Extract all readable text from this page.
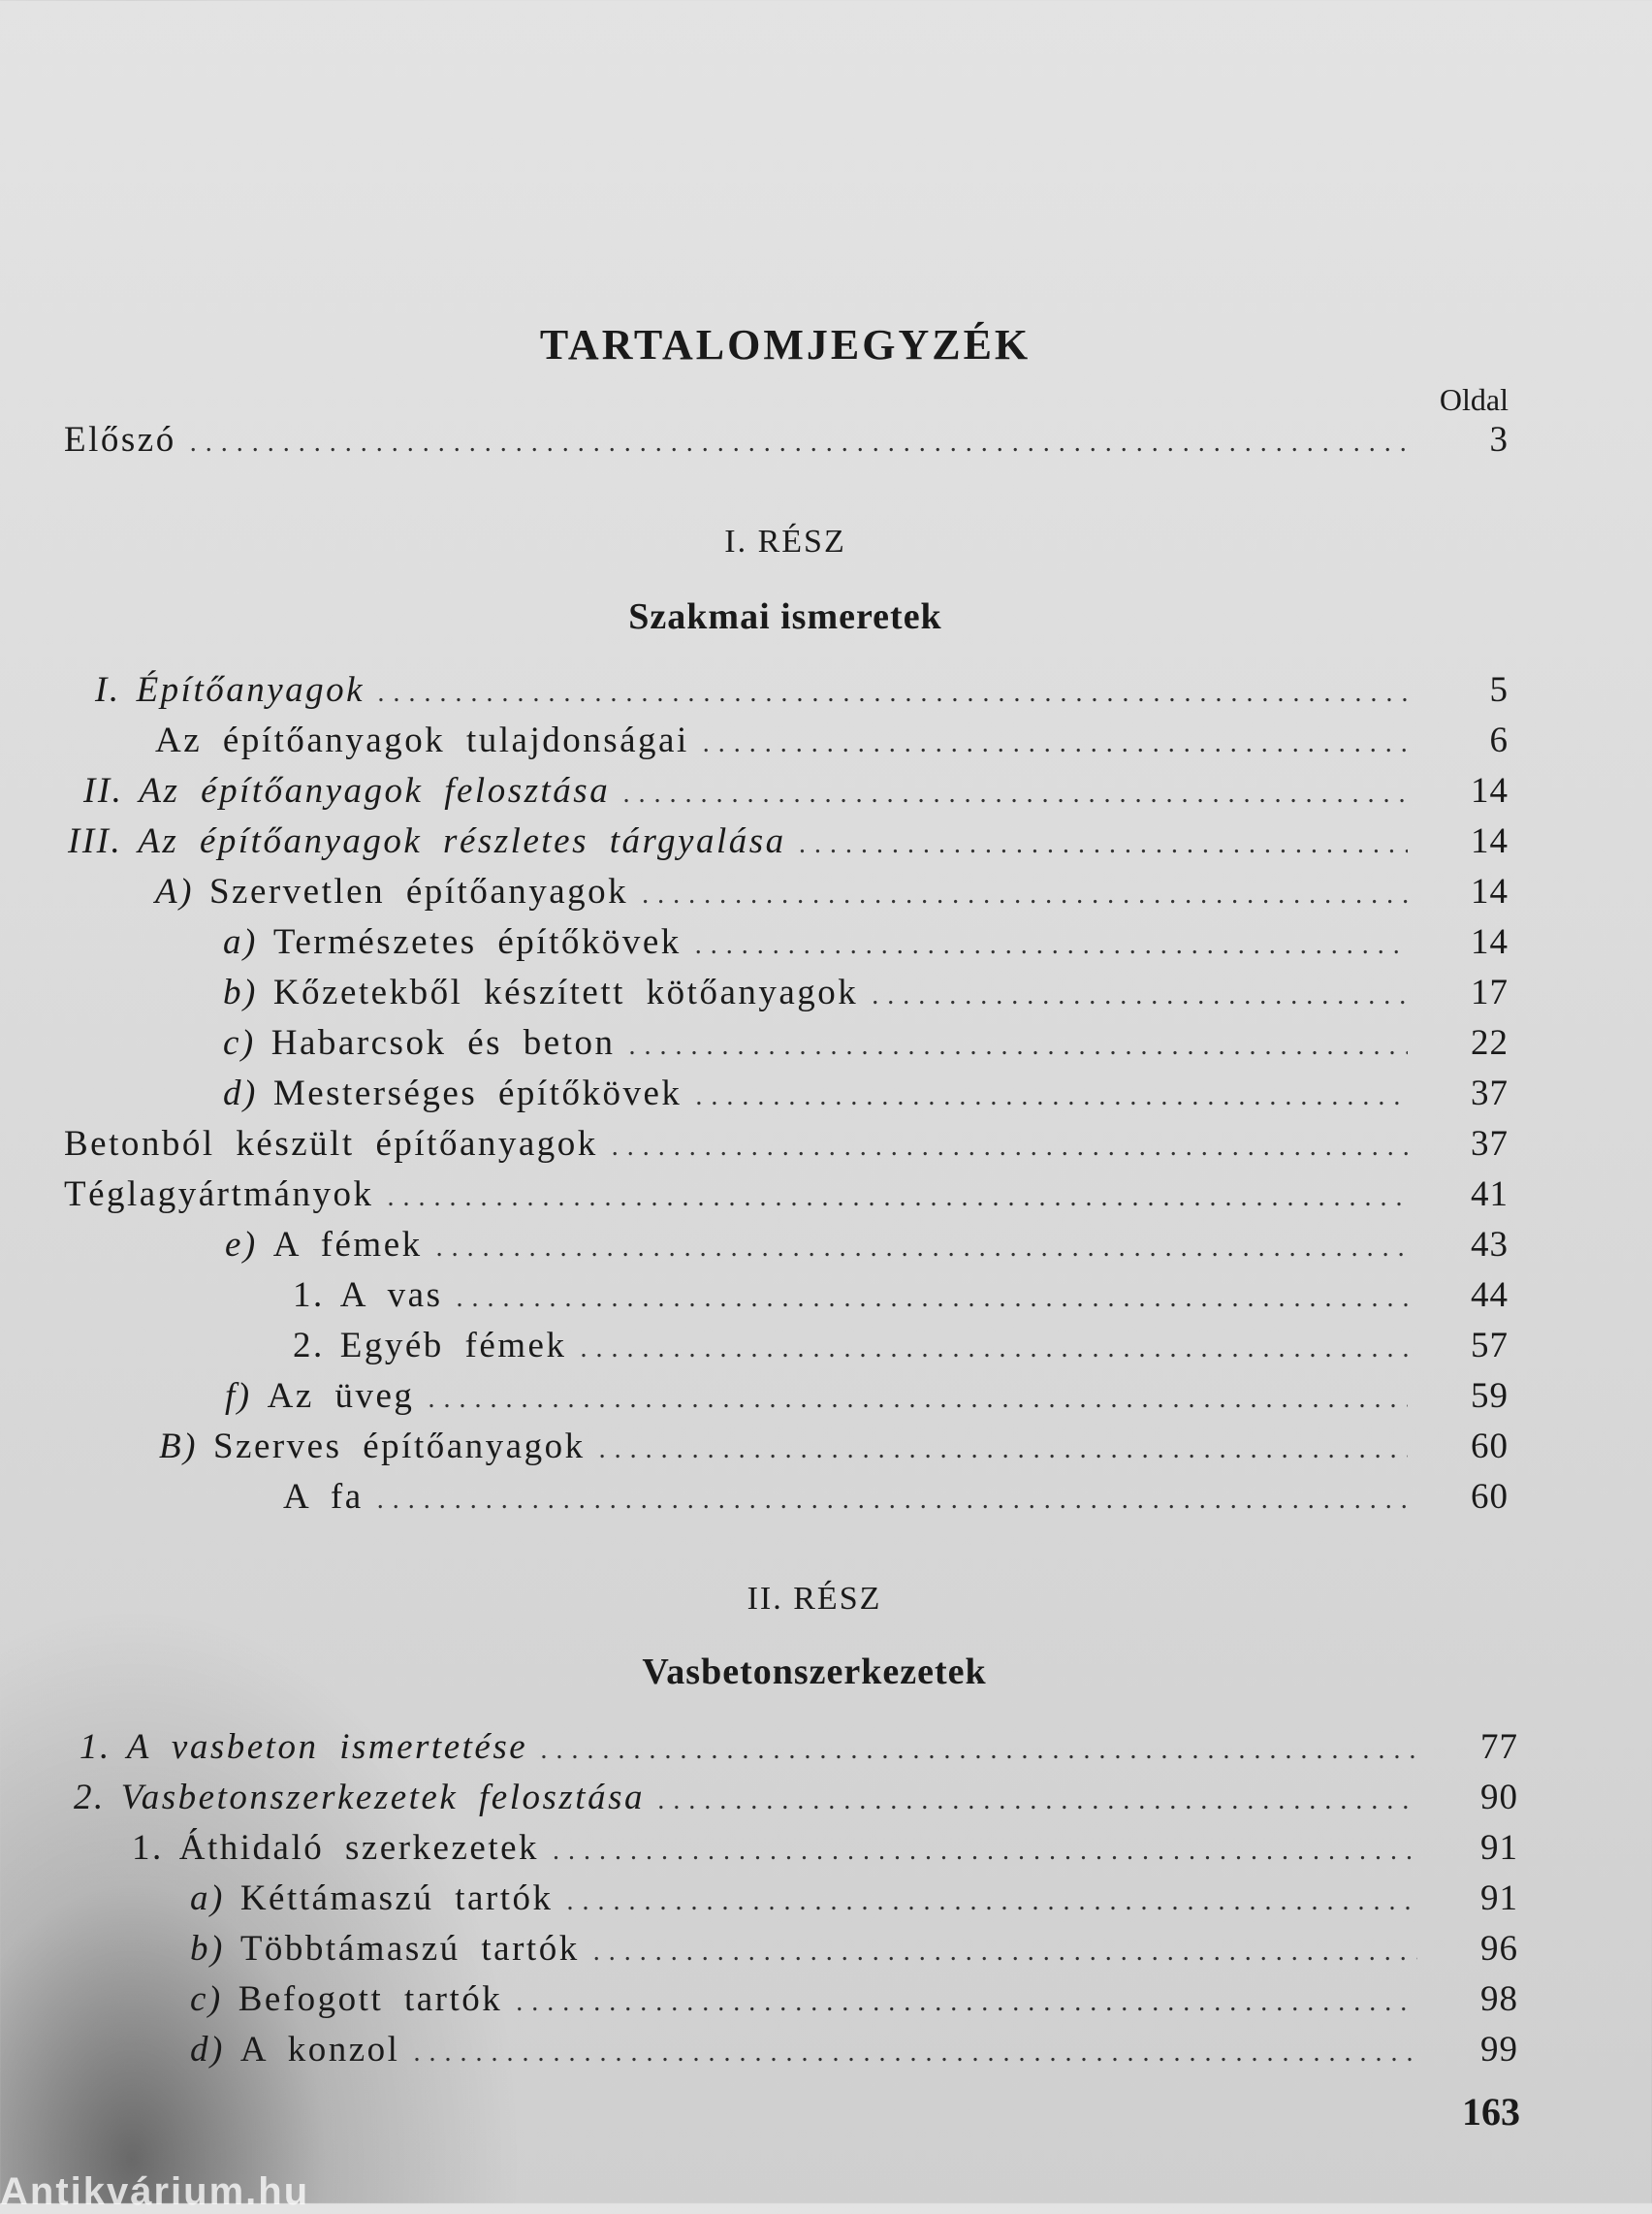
TARTALOMJEGYZÉK
Oldal
Előszó .....	3
I. RÉSZ
Szakmai ismeretek
I. Építőanyagok .....	5
Az építőanyagok tulajdonságai .....	6
II. Az építőanyagok felosztása .....	14
III. Az építőanyagok részletes tárgyalása .....	14
A) Szervetlen építőanyagok .....	14
a) Természetes építőkövek .....	14
b) Kőzetekből készített kötőanyagok .....	17
c) Habarcsok és beton .....	22
d) Mesterséges építőkövek .....	37
Betonból készült építőanyagok .....	37
Téglagyártmányok .....	41
e) A fémek .....	43
1. A vas .....	44
2. Egyéb fémek .....	57
f) Az üveg .....	59
B) Szerves építőanyagok .....	60
A fa .....	60
II. RÉSZ
Vasbetonszerkezetek
1. A vasbeton ismertetése .....	77
2. Vasbetonszerkezetek felosztása .....	90
1. Áthidaló szerkezetek .....	91
a) Kéttámaszú tartók .....	91
b) Többtámaszú tartók .....	96
c) Befogott tartók .....	98
d) A konzol .....	99
163
Antikvárium.hu
